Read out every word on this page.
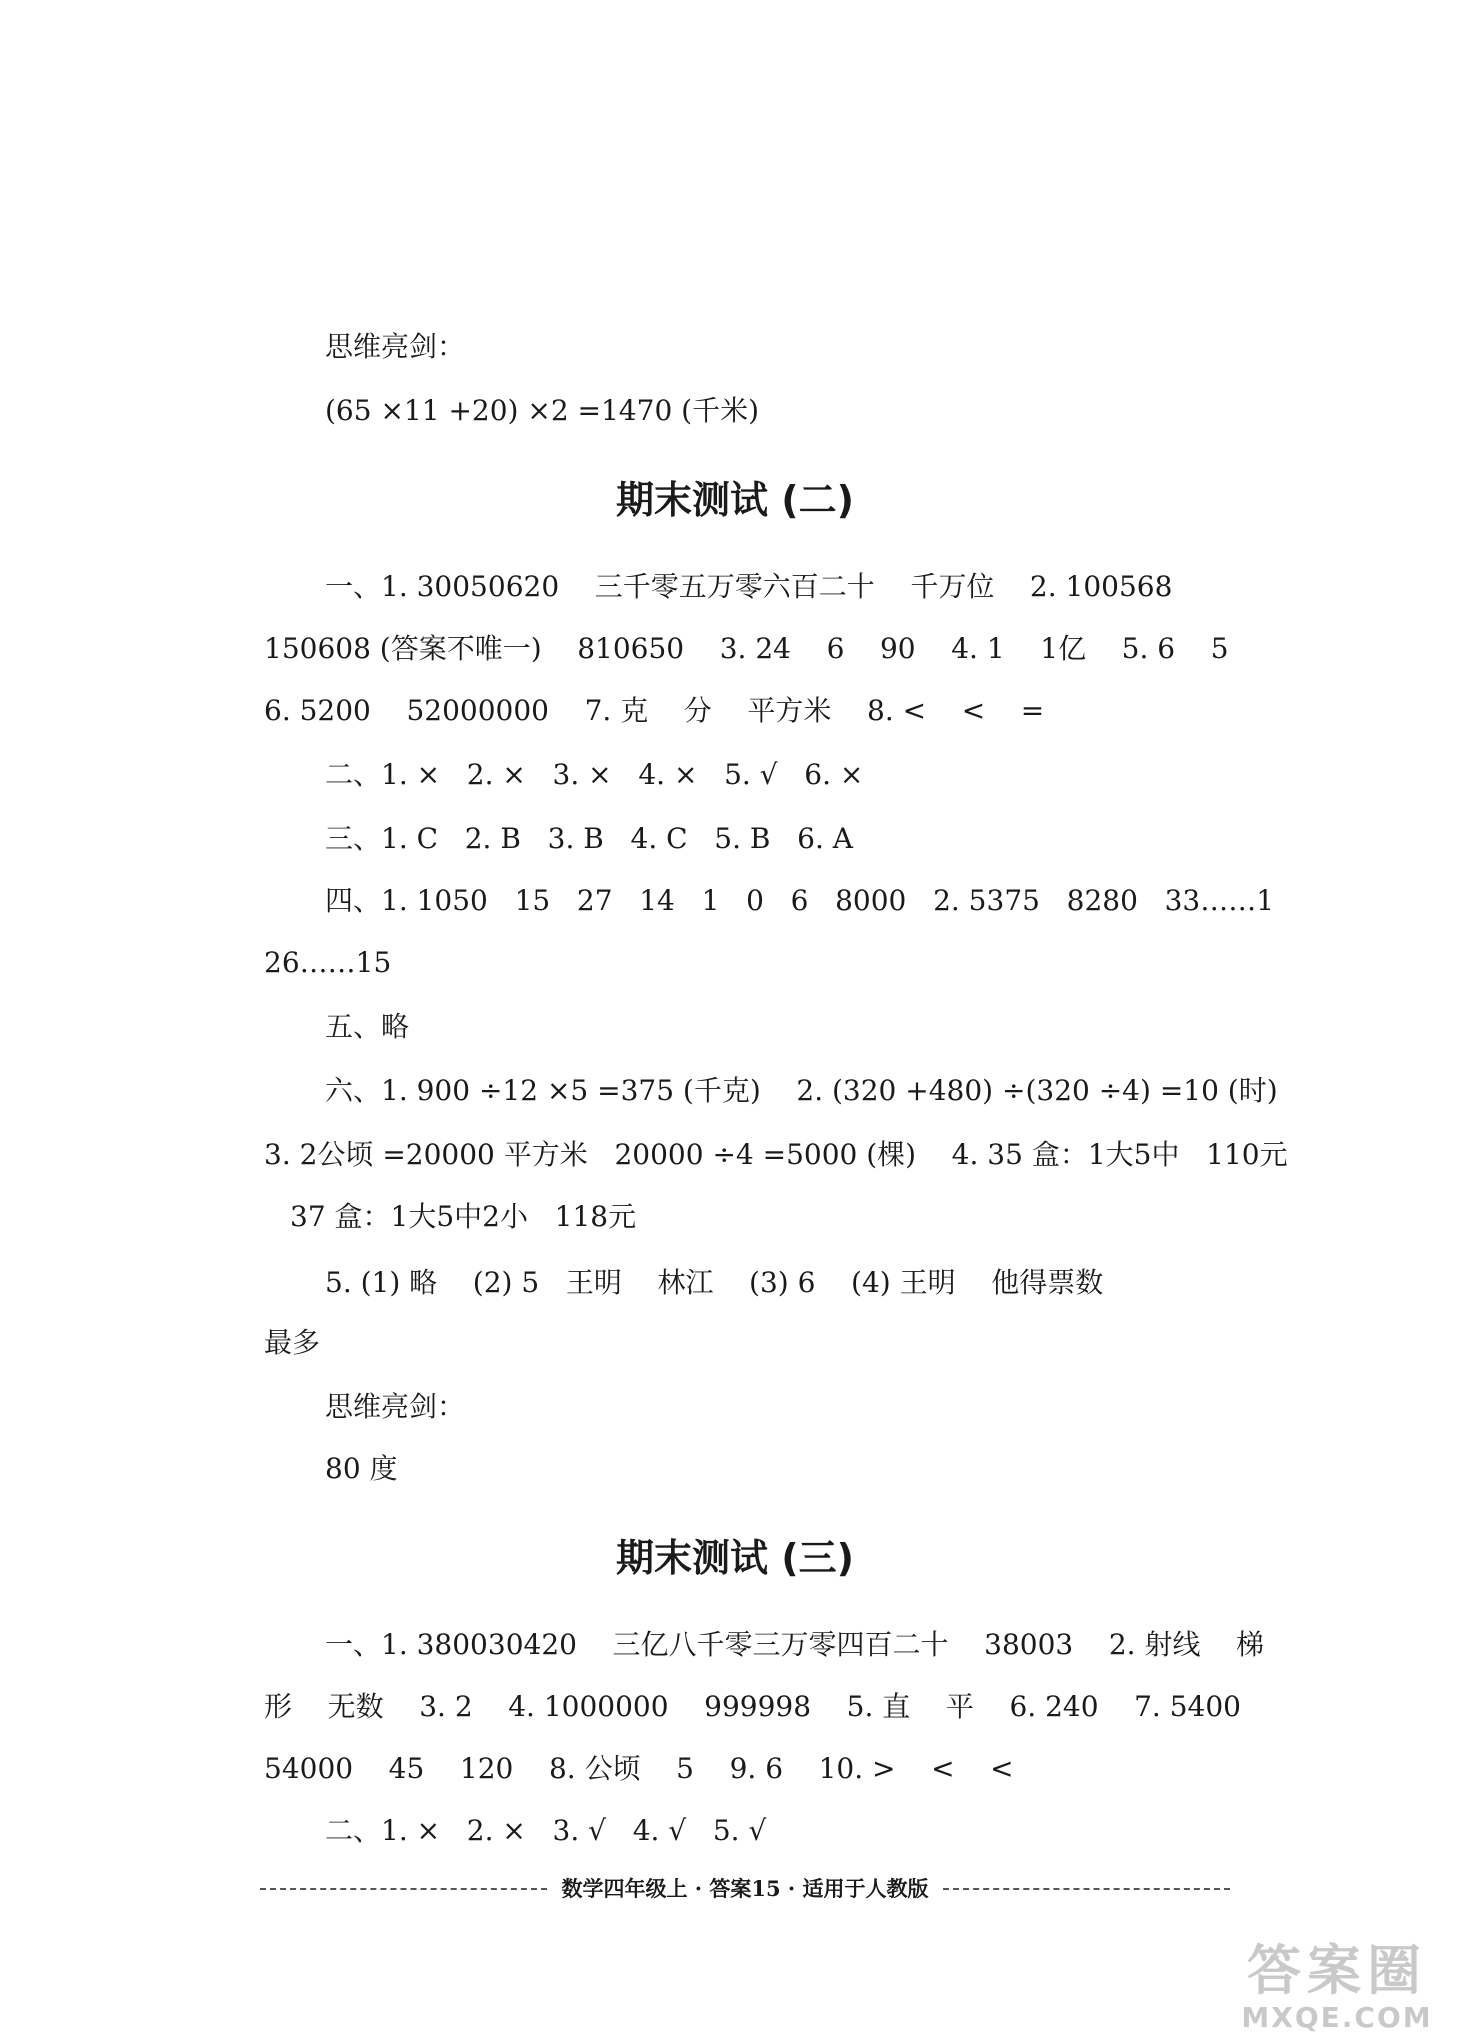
思维亮剑：
(65 ×11 +20) ×2 =1470 (千米)
期末测试 (二)
一、1. 30050620    三千零五万零六百二十    千万位    2. 100568
150608 (答案不唯一)    810650    3. 24    6    90    4. 1    1亿    5. 6    5
6. 5200    52000000    7. 克    分    平方米    8. <    <    =
二、1. ×   2. ×   3. ×   4. ×   5. √   6. ×
三、1. C   2. B   3. B   4. C   5. B   6. A
四、1. 1050   15   27   14   1   0   6   8000   2. 5375   8280   33……1
26……15
五、略
六、1. 900 ÷12 ×5 =375 (千克)    2. (320 +480) ÷(320 ÷4) =10 (时)
3. 2公顷 =20000 平方米   20000 ÷4 =5000 (棵)    4. 35 盒：1大5中   110元
37 盒：1大5中2小   118元
5. (1) 略    (2) 5   王明    林江    (3) 6    (4) 王明    他得票数
最多
思维亮剑：
80 度
期末测试 (三)
一、1. 380030420    三亿八千零三万零四百二十    38003    2. 射线    梯
形    无数    3. 2    4. 1000000    999998    5. 直    平    6. 240    7. 5400
54000    45    120    8. 公顷    5    9. 6    10. >    <    <
二、1. ×   2. ×   3. √   4. √   5. √
数学四年级上 · 答案15 · 适用于人教版
答案圈
MXQE.COM
